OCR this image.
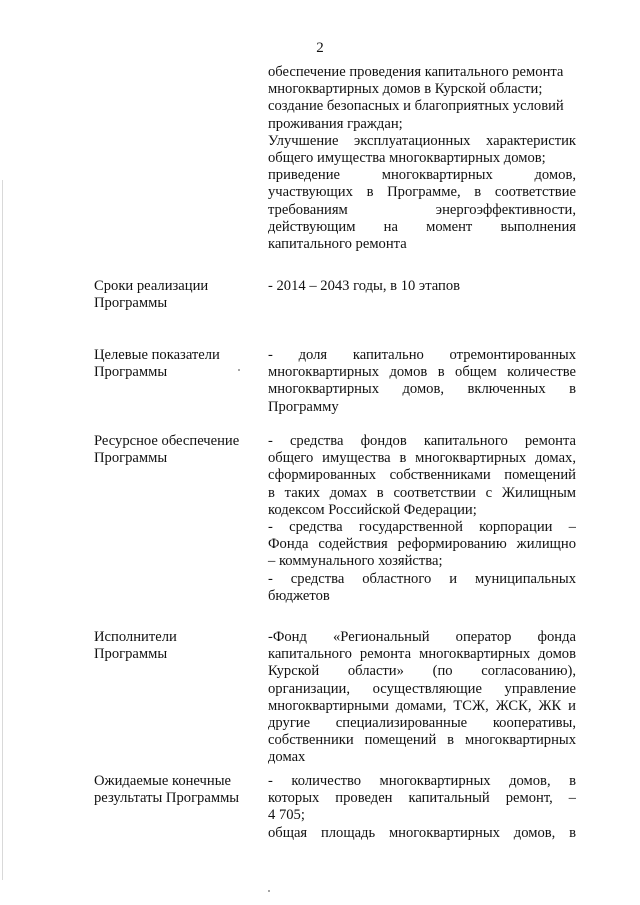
2
обеспечение проведения капитального ремонта
многоквартирных домов в Курской области;
создание безопасных и благоприятных условий
проживания граждан;
Улучшение эксплуатационных характеристик
общего имущества многоквартирных домов;
приведение многоквартирных домов,
участвующих в Программе, в соответствие
требованиям энергоэффективности,
действующим на момент выполнения
капитального ремонта
Сроки реализации
Программы
- 2014 – 2043 годы, в 10 этапов
Целевые показатели
Программы
- доля капитально отремонтированных
многоквартирных домов в общем количестве
многоквартирных домов, включенных в
Программу
Ресурсное обеспечение
Программы
- средства фондов капитального ремонта
общего имущества в многоквартирных домах,
сформированных собственниками помещений
в таких домах в соответствии с Жилищным
кодексом Российской Федерации;
- средства государственной корпорации –
Фонда содействия реформированию жилищно
– коммунального хозяйства;
- средства областного и муниципальных
бюджетов
Исполнители
Программы
-Фонд «Региональный оператор фонда
капитального ремонта многоквартирных домов
Курской области» (по согласованию),
организации, осуществляющие управление
многоквартирными домами, ТСЖ, ЖСК, ЖК и
другие специализированные кооперативы,
собственники помещений в многоквартирных
домах
Ожидаемые конечные
результаты Программы
- количество многоквартирных домов, в
которых проведен капитальный ремонт, –
4 705;
общая площадь многоквартирных домов, в
